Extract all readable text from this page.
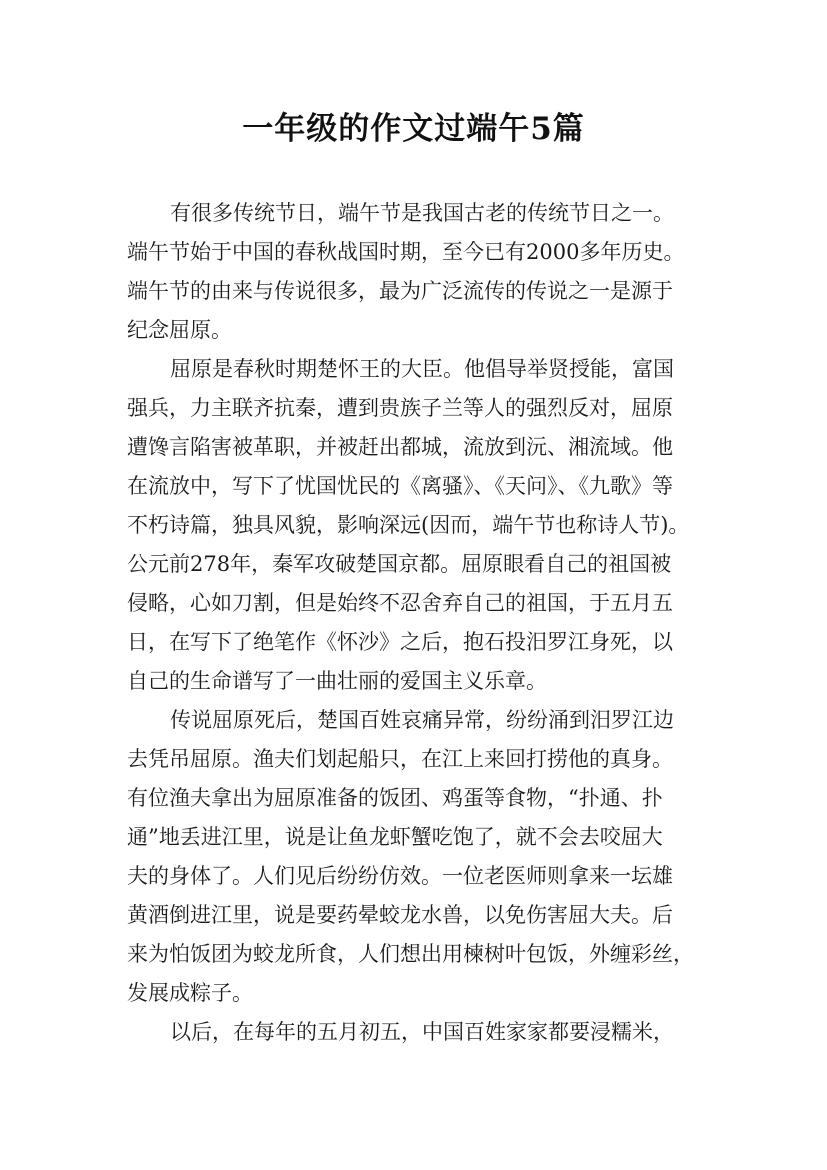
一年级的作文过端午5篇
有很多传统节日，端午节是我国古老的传统节日之一。
端午节始于中国的春秋战国时期，至今已有2000多年历史。
端午节的由来与传说很多，最为广泛流传的传说之一是源于
纪念屈原。
屈原是春秋时期楚怀王的大臣。他倡导举贤授能，富国
强兵，力主联齐抗秦，遭到贵族子兰等人的强烈反对，屈原
遭馋言陷害被革职，并被赶出都城，流放到沅、湘流域。他
在流放中，写下了忧国忧民的《离骚》、《天问》、《九歌》等
不朽诗篇，独具风貌，影响深远(因而，端午节也称诗人节)。
公元前278年，秦军攻破楚国京都。屈原眼看自己的祖国被
侵略，心如刀割，但是始终不忍舍弃自己的祖国，于五月五
日，在写下了绝笔作《怀沙》之后，抱石投汨罗江身死，以
自己的生命谱写了一曲壮丽的爱国主义乐章。
传说屈原死后，楚国百姓哀痛异常，纷纷涌到汨罗江边
去凭吊屈原。渔夫们划起船只，在江上来回打捞他的真身。
有位渔夫拿出为屈原准备的饭团、鸡蛋等食物，“扑通、扑
通”地丢进江里，说是让鱼龙虾蟹吃饱了，就不会去咬屈大
夫的身体了。人们见后纷纷仿效。一位老医师则拿来一坛雄
黄酒倒进江里，说是要药晕蛟龙水兽，以免伤害屈大夫。后
来为怕饭团为蛟龙所食，人们想出用楝树叶包饭，外缠彩丝，
发展成粽子。
以后，在每年的五月初五，中国百姓家家都要浸糯米，
